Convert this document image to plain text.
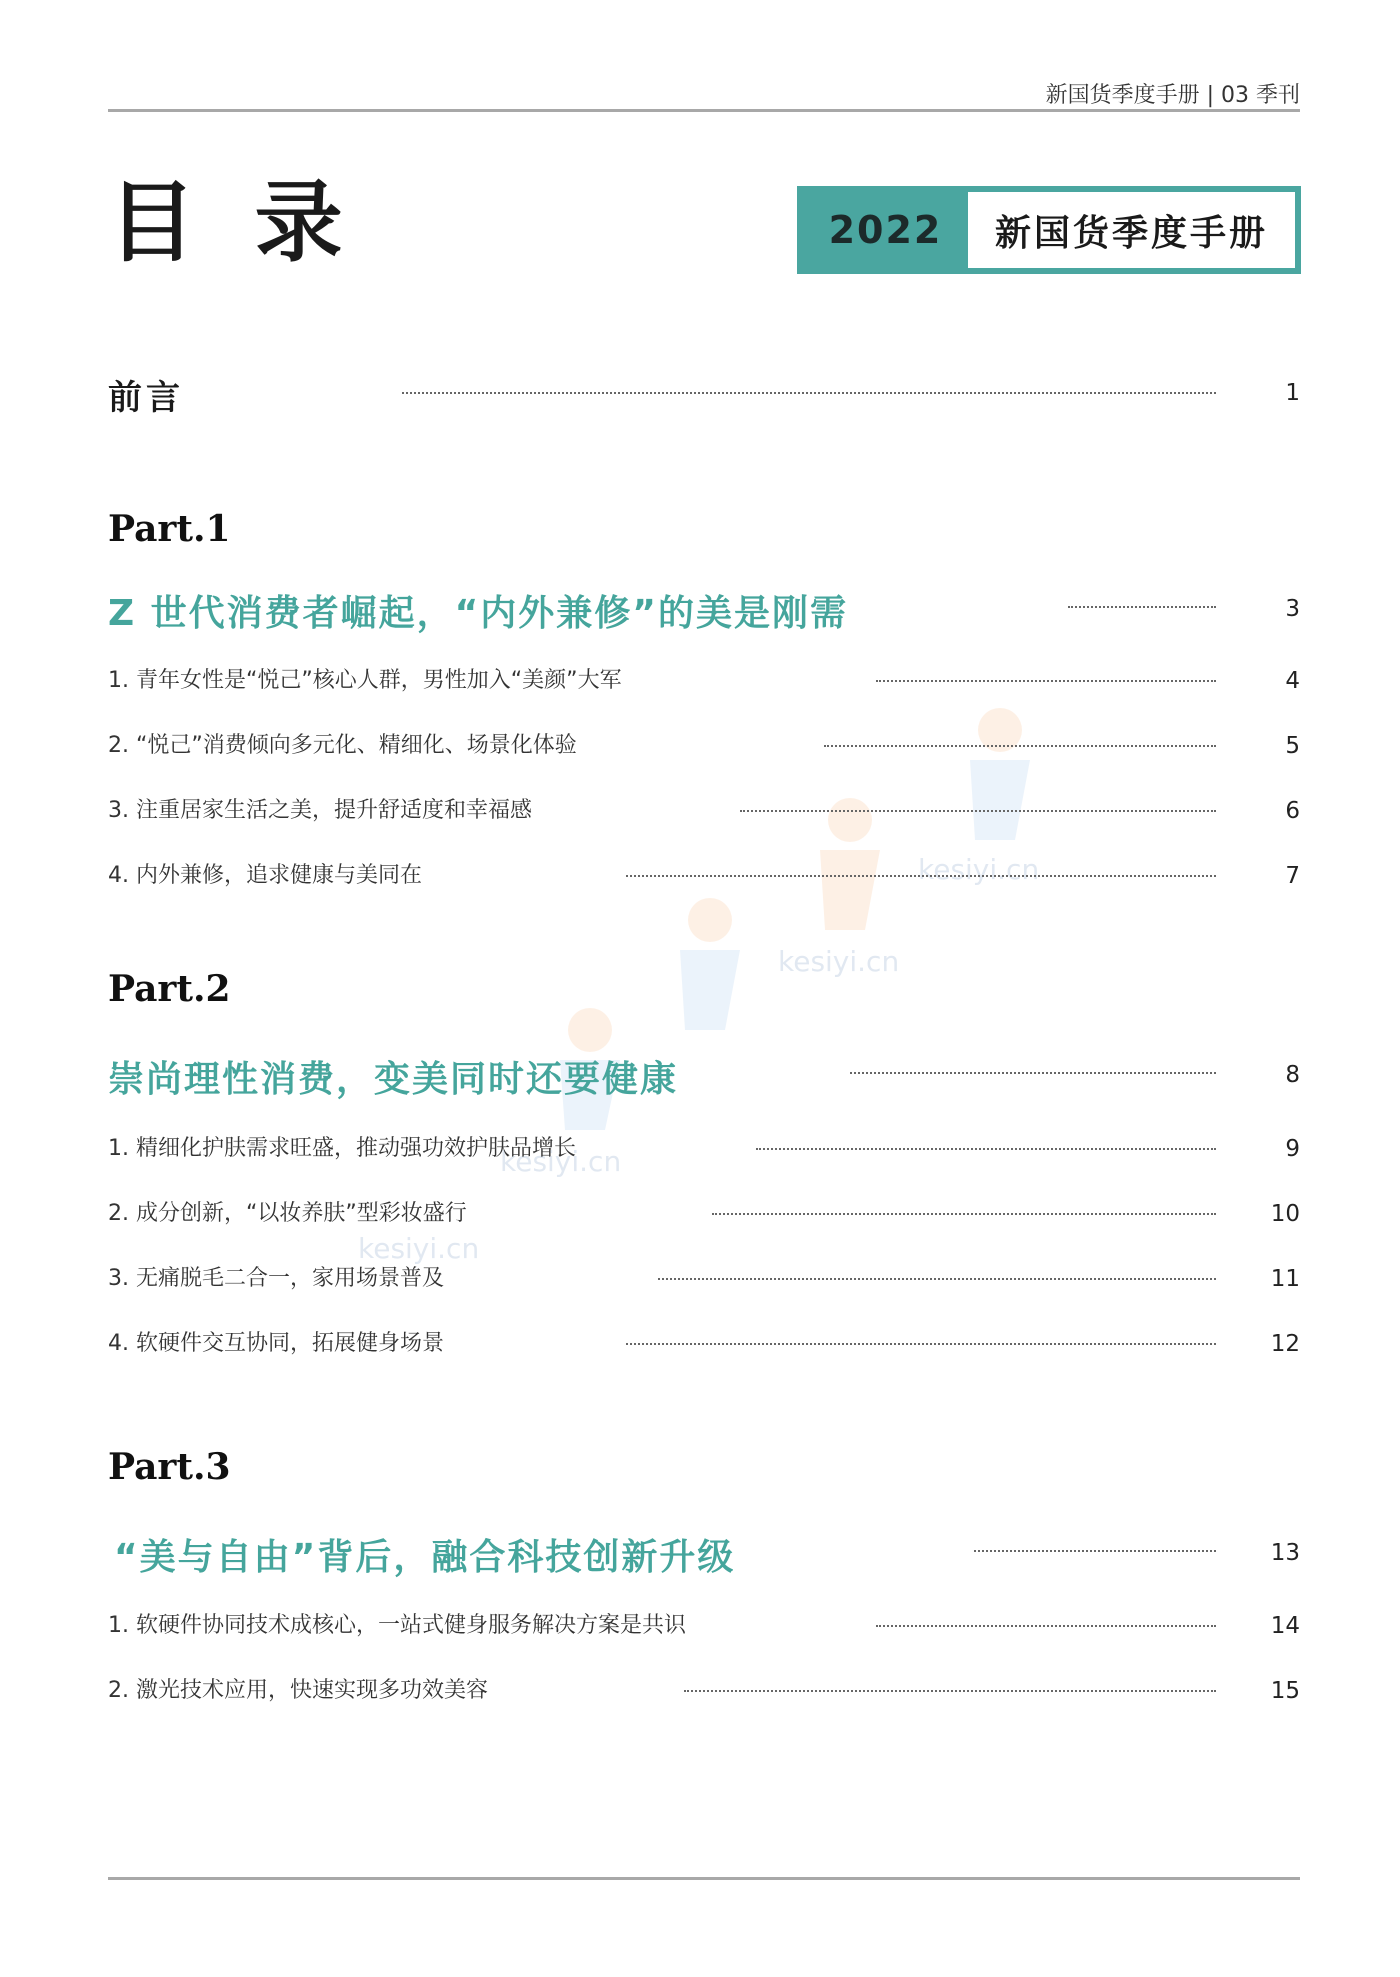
新国货季度手册 | 03 季刊
目 录	2022	新国货季度手册
kesiyi.cn
kesiyi.cn
kesiyi.cn
kesiyi.cn
前言	1
Part.1
Z 世代消费者崛起，“内外兼修”的美是刚需	3
1. 青年女性是“悦己”核心人群，男性加入“美颜”大军	4
2. “悦己”消费倾向多元化、精细化、场景化体验	5
3. 注重居家生活之美，提升舒适度和幸福感	6
4. 内外兼修，追求健康与美同在	7
Part.2
崇尚理性消费，变美同时还要健康	8
1. 精细化护肤需求旺盛，推动强功效护肤品增长	9
2. 成分创新，“以妆养肤”型彩妆盛行	10
3. 无痛脱毛二合一，家用场景普及	11
4. 软硬件交互协同，拓展健身场景	12
Part.3
“美与自由”背后，融合科技创新升级	13
1. 软硬件协同技术成核心，一站式健身服务解决方案是共识	14
2. 激光技术应用，快速实现多功效美容	15
